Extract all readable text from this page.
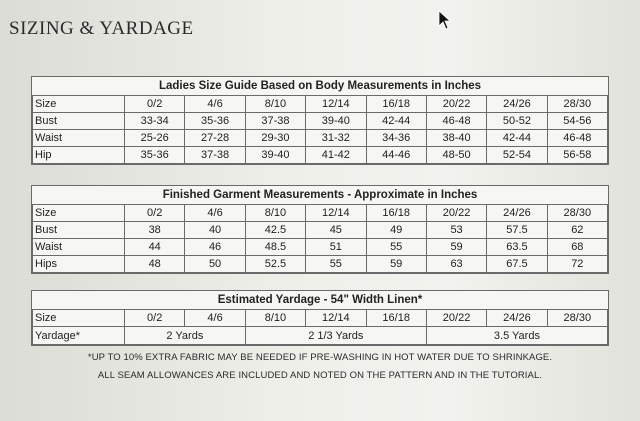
SIZING & YARDAGE
Ladies Size Guide Based on Body Measurements in Inches
Size	0/2	4/6	8/10	12/14	16/18	20/22	24/26	28/30
Bust	33-34	35-36	37-38	39-40	42-44	46-48	50-52	54-56
Waist	25-26	27-28	29-30	31-32	34-36	38-40	42-44	46-48
Hip	35-36	37-38	39-40	41-42	44-46	48-50	52-54	56-58
Finished Garment Measurements - Approximate in Inches
Size	0/2	4/6	8/10	12/14	16/18	20/22	24/26	28/30
Bust	38	40	42.5	45	49	53	57.5	62
Waist	44	46	48.5	51	55	59	63.5	68
Hips	48	50	52.5	55	59	63	67.5	72
Estimated Yardage - 54" Width Linen*
Size	0/2	4/6	8/10	12/14	16/18	20/22	24/26	28/30
Yardage*	2 Yards		2 1/3 Yards			3.5 Yards		
*UP TO 10% EXTRA FABRIC MAY BE NEEDED IF PRE-WASHING IN HOT WATER DUE TO SHRINKAGE.
ALL SEAM ALLOWANCES ARE INCLUDED AND NOTED ON THE PATTERN AND IN THE TUTORIAL.
